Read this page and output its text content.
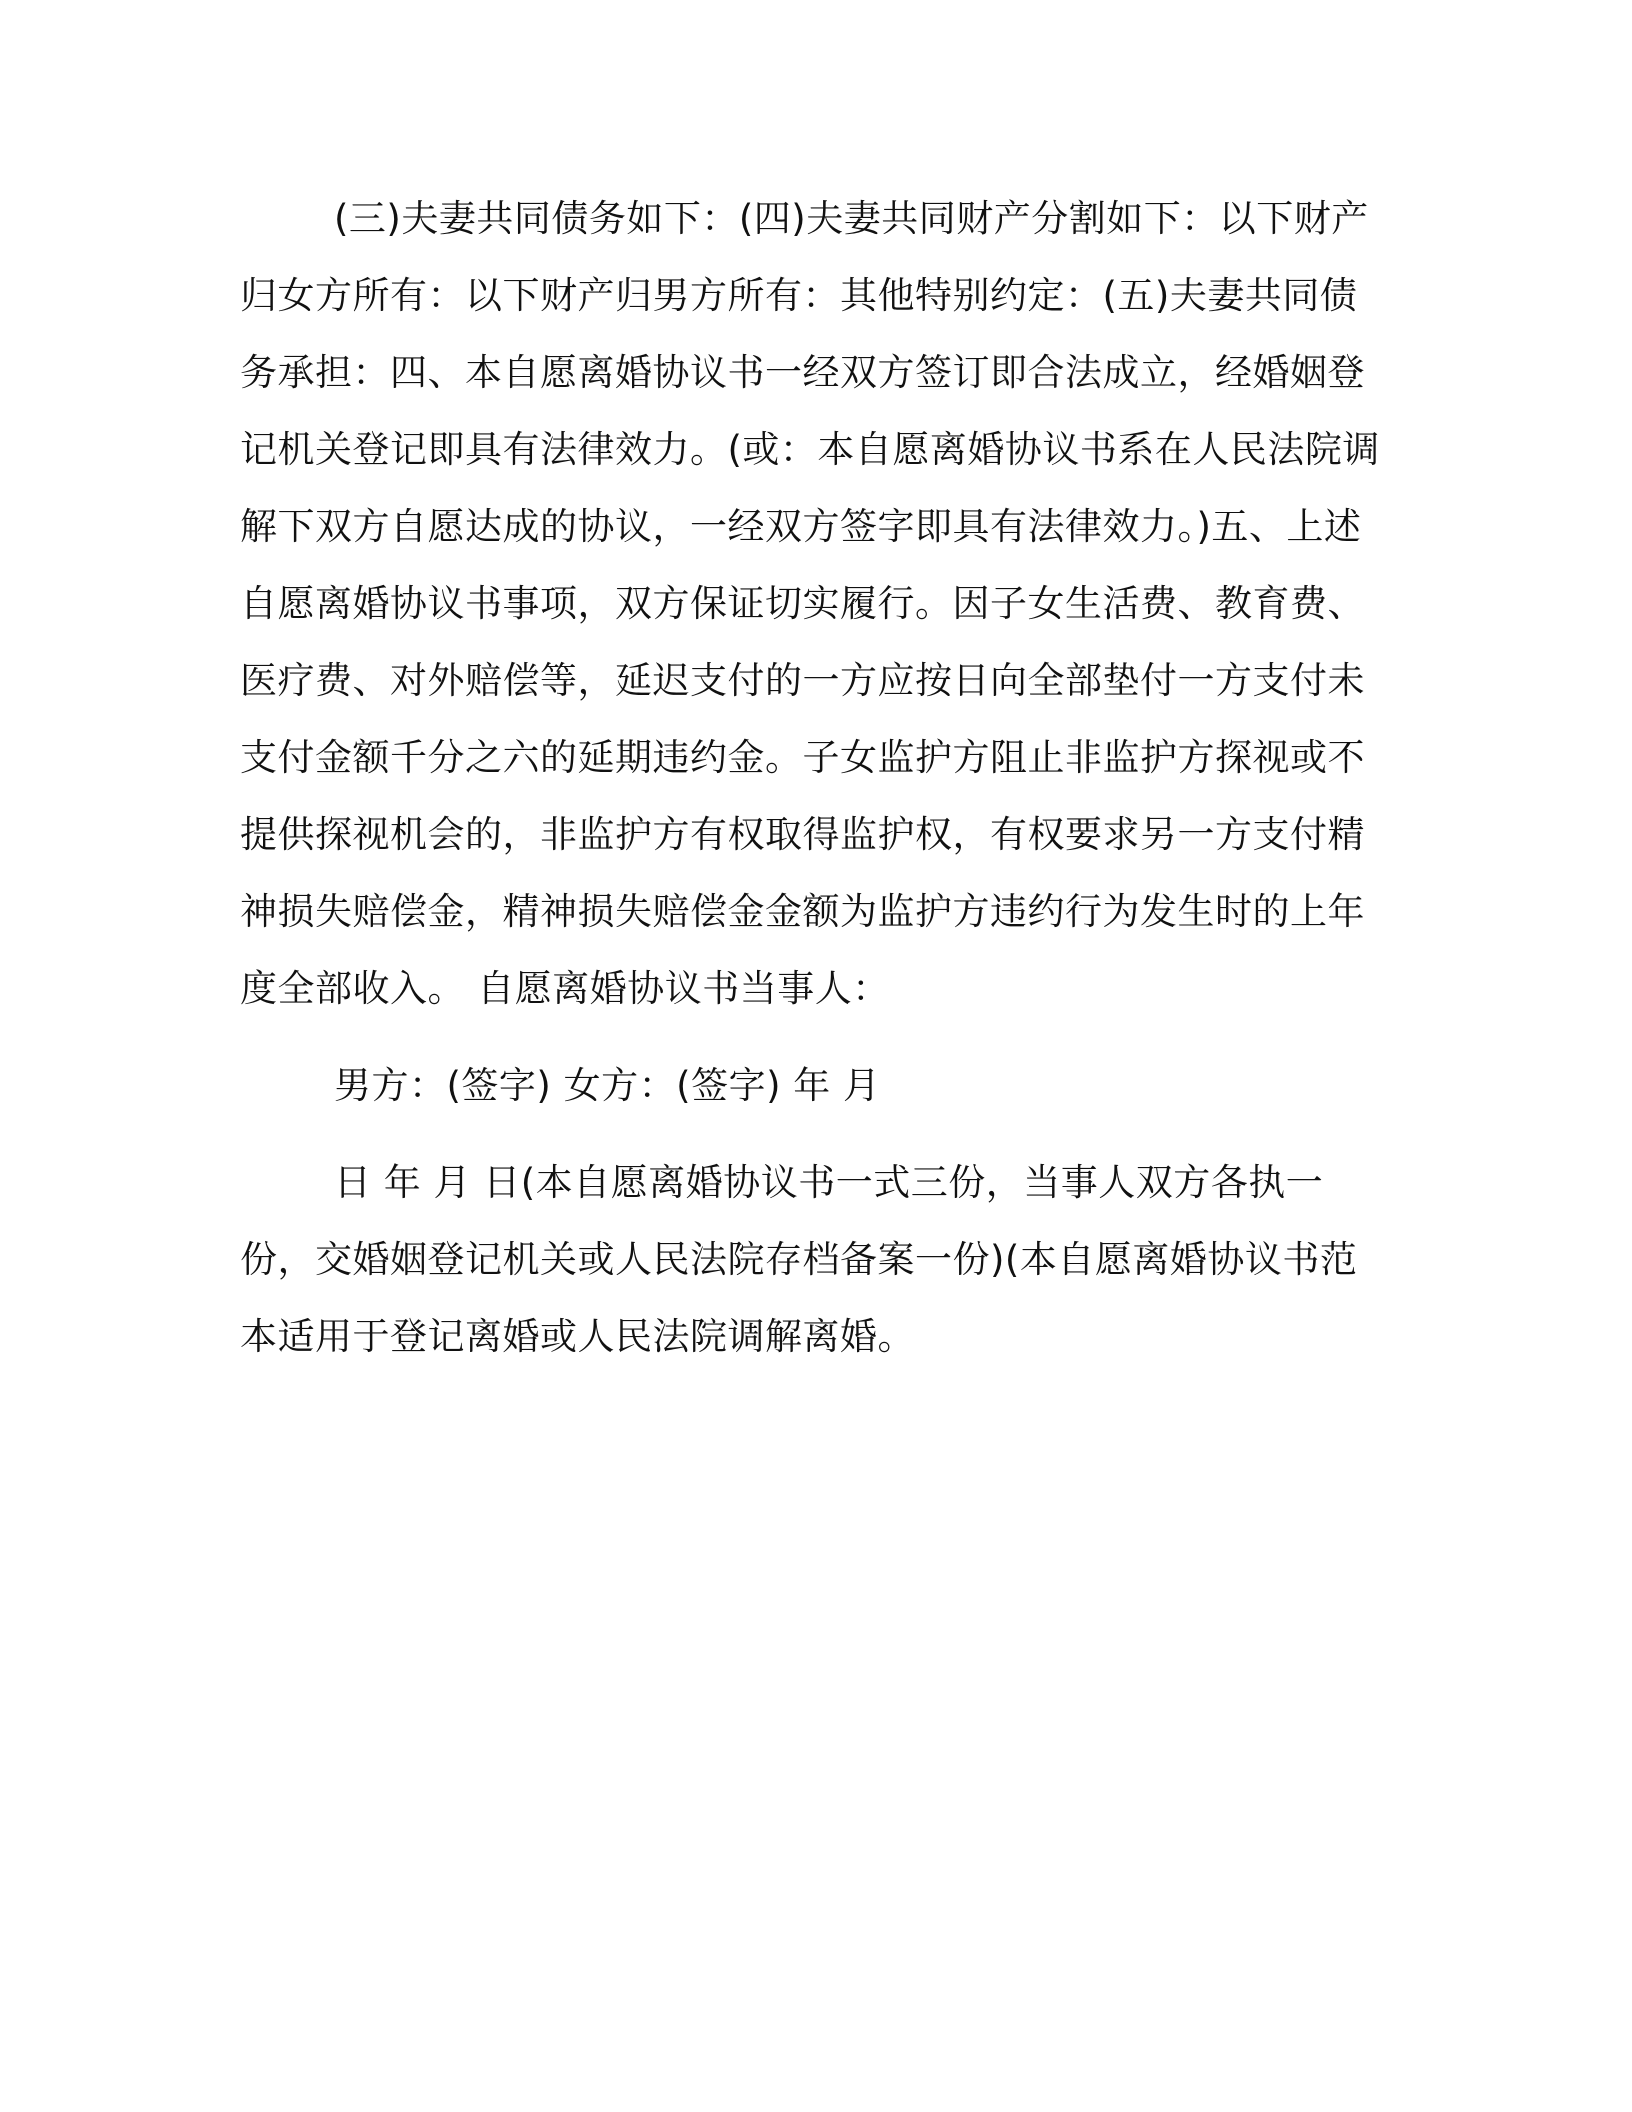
(三)夫妻共同债务如下：(四)夫妻共同财产分割如下：以下财产归女方所有：以下财产归男方所有：其他特别约定：(五)夫妻共同债务承担：四、本自愿离婚协议书一经双方签订即合法成立，经婚姻登记机关登记即具有法律效力。(或：本自愿离婚协议书系在人民法院调解下双方自愿达成的协议，一经双方签字即具有法律效力。)五、上述自愿离婚协议书事项，双方保证切实履行。因子女生活费、教育费、医疗费、对外赔偿等，延迟支付的一方应按日向全部垫付一方支付未支付金额千分之六的延期违约金。子女监护方阻止非监护方探视或不提供探视机会的，非监护方有权取得监护权，有权要求另一方支付精神损失赔偿金，精神损失赔偿金金额为监护方违约行为发生时的上年度全部收入。 自愿离婚协议书当事人：

男方：(签字) 女方：(签字) 年 月

日 年 月 日(本自愿离婚协议书一式三份，当事人双方各执一份，交婚姻登记机关或人民法院存档备案一份)(本自愿离婚协议书范本适用于登记离婚或人民法院调解离婚。
